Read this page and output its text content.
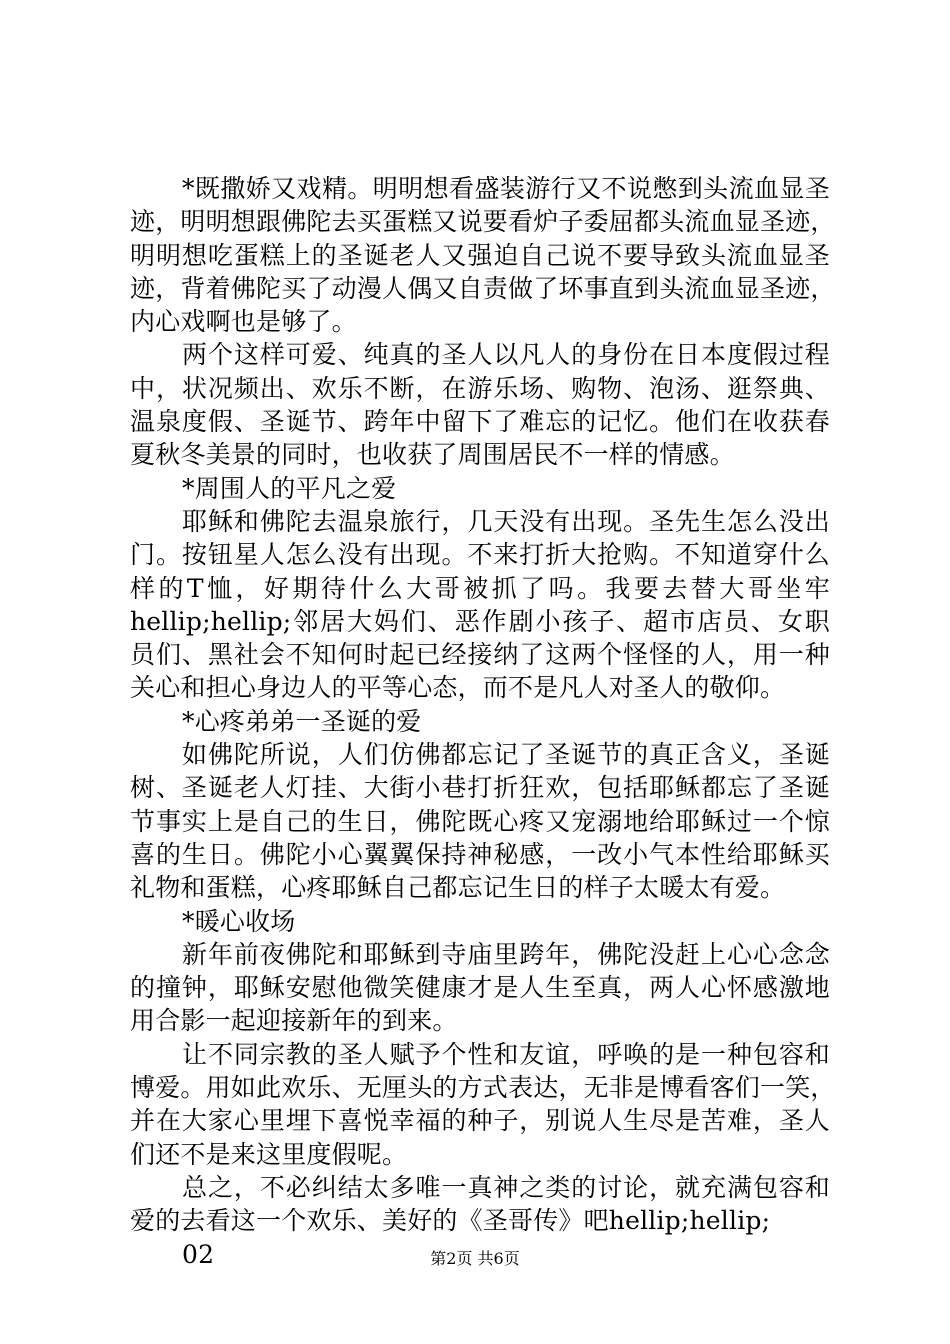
*既撒娇又戏精。明明想看盛装游行又不说憋到头流血显圣
迹，明明想跟佛陀去买蛋糕又说要看炉子委屈都头流血显圣迹，
明明想吃蛋糕上的圣诞老人又强迫自己说不要导致头流血显圣
迹，背着佛陀买了动漫人偶又自责做了坏事直到头流血显圣迹，
内心戏啊也是够了。
两个这样可爱、纯真的圣人以凡人的身份在日本度假过程
中，状况频出、欢乐不断，在游乐场、购物、泡汤、逛祭典、
温泉度假、圣诞节、跨年中留下了难忘的记忆。他们在收获春
夏秋冬美景的同时，也收获了周围居民不一样的情感。
*周围人的平凡之爱
耶稣和佛陀去温泉旅行，几天没有出现。圣先生怎么没出
门。按钮星人怎么没有出现。不来打折大抢购。不知道穿什么
样的T恤，好期待什么大哥被抓了吗。我要去替大哥坐牢
hellip;hellip;邻居大妈们、恶作剧小孩子、超市店员、女职
员们、黑社会不知何时起已经接纳了这两个怪怪的人，用一种
关心和担心身边人的平等心态，而不是凡人对圣人的敬仰。
*心疼弟弟一圣诞的爱
如佛陀所说，人们仿佛都忘记了圣诞节的真正含义，圣诞
树、圣诞老人灯挂、大街小巷打折狂欢，包括耶稣都忘了圣诞
节事实上是自己的生日，佛陀既心疼又宠溺地给耶稣过一个惊
喜的生日。佛陀小心翼翼保持神秘感，一改小气本性给耶稣买
礼物和蛋糕，心疼耶稣自己都忘记生日的样子太暖太有爱。
*暖心收场
新年前夜佛陀和耶稣到寺庙里跨年，佛陀没赶上心心念念
的撞钟，耶稣安慰他微笑健康才是人生至真，两人心怀感激地
用合影一起迎接新年的到来。
让不同宗教的圣人赋予个性和友谊，呼唤的是一种包容和
博爱。用如此欢乐、无厘头的方式表达，无非是博看客们一笑，
并在大家心里埋下喜悦幸福的种子，别说人生尽是苦难，圣人
们还不是来这里度假呢。
总之，不必纠结太多唯一真神之类的讨论，就充满包容和
爱的去看这一个欢乐、美好的《圣哥传》吧hellip;hellip;
02	第2页 共6页
